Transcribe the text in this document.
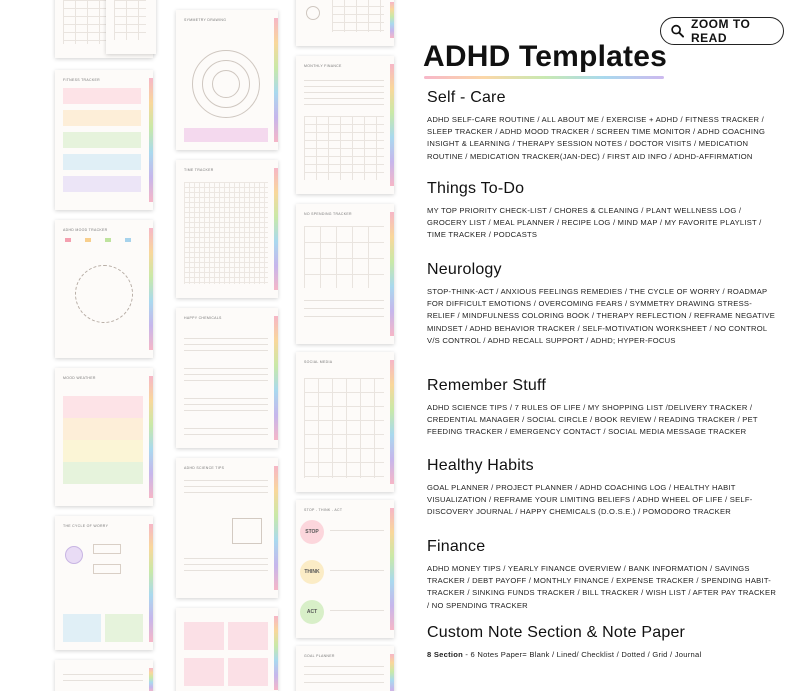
FITNESS TRACKER
ADHD MOOD TRACKER
MOOD WEATHER
THE CYCLE OF WORRY
SYMMETRY DRAWING
TIME TRACKER
HAPPY CHEMICALS
ADHD SCIENCE TIPS
MONTHLY FINANCE
NO SPENDING TRACKER
SOCIAL MEDIA
STOP - THINK - ACT
STOP
THINK
ACT
GOAL PLANNER
ZOOM TO READ
ADHD Templates
Self - Care
ADHD SELF-CARE ROUTINE / ALL ABOUT ME / EXERCISE + ADHD / FITNESS TRACKER / SLEEP TRACKER / ADHD MOOD TRACKER / SCREEN TIME MONITOR / ADHD COACHING INSIGHT & LEARNING / THERAPY SESSION NOTES / DOCTOR VISITS / MEDICATION ROUTINE / MEDICATION TRACKER(JAN-DEC) / FIRST AID INFO / ADHD-AFFIRMATION
Things To-Do
MY TOP PRIORITY CHECK-LIST / CHORES & CLEANING / PLANT WELLNESS LOG / GROCERY LIST / MEAL PLANNER / RECIPE LOG / MIND MAP / MY FAVORITE PLAYLIST / TIME TRACKER / PODCASTS
Neurology
STOP-THINK-ACT / ANXIOUS FEELINGS REMEDIES / THE CYCLE OF WORRY / ROADMAP FOR DIFFICULT EMOTIONS / OVERCOMING FEARS / SYMMETRY DRAWING STRESS-RELIEF / MINDFULNESS COLORING BOOK / THERAPY REFLECTION / REFRAME NEGATIVE MINDSET / ADHD BEHAVIOR TRACKER / SELF-MOTIVATION WORKSHEET / NO CONTROL V/S CONTROL / ADHD RECALL SUPPORT / ADHD; HYPER-FOCUS
Remember Stuff
ADHD SCIENCE TIPS / 7 RULES OF LIFE / MY SHOPPING LIST /DELIVERY TRACKER / CREDENTIAL MANAGER / SOCIAL CIRCLE / BOOK REVIEW / READING TRACKER / PET FEEDING TRACKER / EMERGENCY CONTACT / SOCIAL MEDIA MESSAGE TRACKER
Healthy Habits
GOAL PLANNER / PROJECT PLANNER / ADHD COACHING LOG / HEALTHY HABIT VISUALIZATION / REFRAME YOUR LIMITING BELIEFS / ADHD WHEEL OF LIFE / SELF-DISCOVERY JOURNAL / HAPPY CHEMICALS (D.O.S.E.) / POMODORO TRACKER
Finance
ADHD MONEY TIPS / YEARLY FINANCE OVERVIEW / BANK INFORMATION / SAVINGS TRACKER / DEBT PAYOFF / MONTHLY FINANCE / EXPENSE TRACKER / SPENDING HABIT-TRACKER / SINKING FUNDS TRACKER / BILL TRACKER / WISH LIST / AFTER PAY TRACKER / NO SPENDING TRACKER
Custom Note Section & Note Paper
8 Section - 6 Notes Paper= Blank / Lined/ Checklist / Dotted / Grid / Journal
